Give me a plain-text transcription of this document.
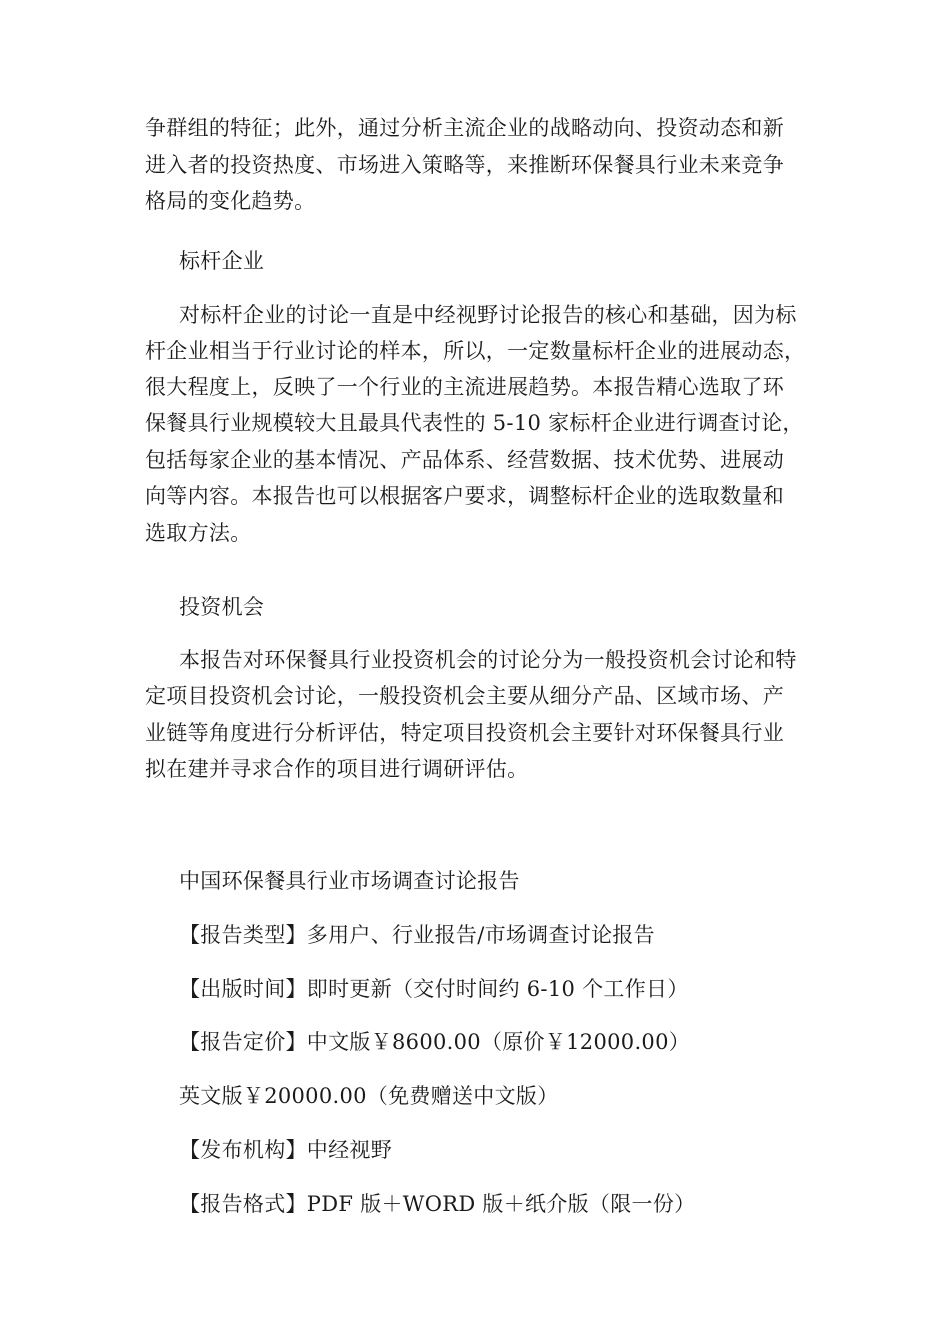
争群组的特征；此外，通过分析主流企业的战略动向、投资动态和新
进入者的投资热度、市场进入策略等，来推断环保餐具行业未来竞争
格局的变化趋势。
标杆企业
对标杆企业的讨论一直是中经视野讨论报告的核心和基础，因为标
杆企业相当于行业讨论的样本，所以，一定数量标杆企业的进展动态，
很大程度上，反映了一个行业的主流进展趋势。本报告精心选取了环
保餐具行业规模较大且最具代表性的 5-10 家标杆企业进行调查讨论，
包括每家企业的基本情况、产品体系、经营数据、技术优势、进展动
向等内容。本报告也可以根据客户要求，调整标杆企业的选取数量和
选取方法。
投资机会
本报告对环保餐具行业投资机会的讨论分为一般投资机会讨论和特
定项目投资机会讨论，一般投资机会主要从细分产品、区域市场、产
业链等角度进行分析评估，特定项目投资机会主要针对环保餐具行业
拟在建并寻求合作的项目进行调研评估。
中国环保餐具行业市场调查讨论报告
【报告类型】多用户、行业报告/市场调查讨论报告
【出版时间】即时更新（交付时间约 6-10 个工作日）
【报告定价】中文版￥8600.00（原价￥12000.00）
英文版￥20000.00（免费赠送中文版）
【发布机构】中经视野
【报告格式】PDF 版＋WORD 版＋纸介版（限一份）
